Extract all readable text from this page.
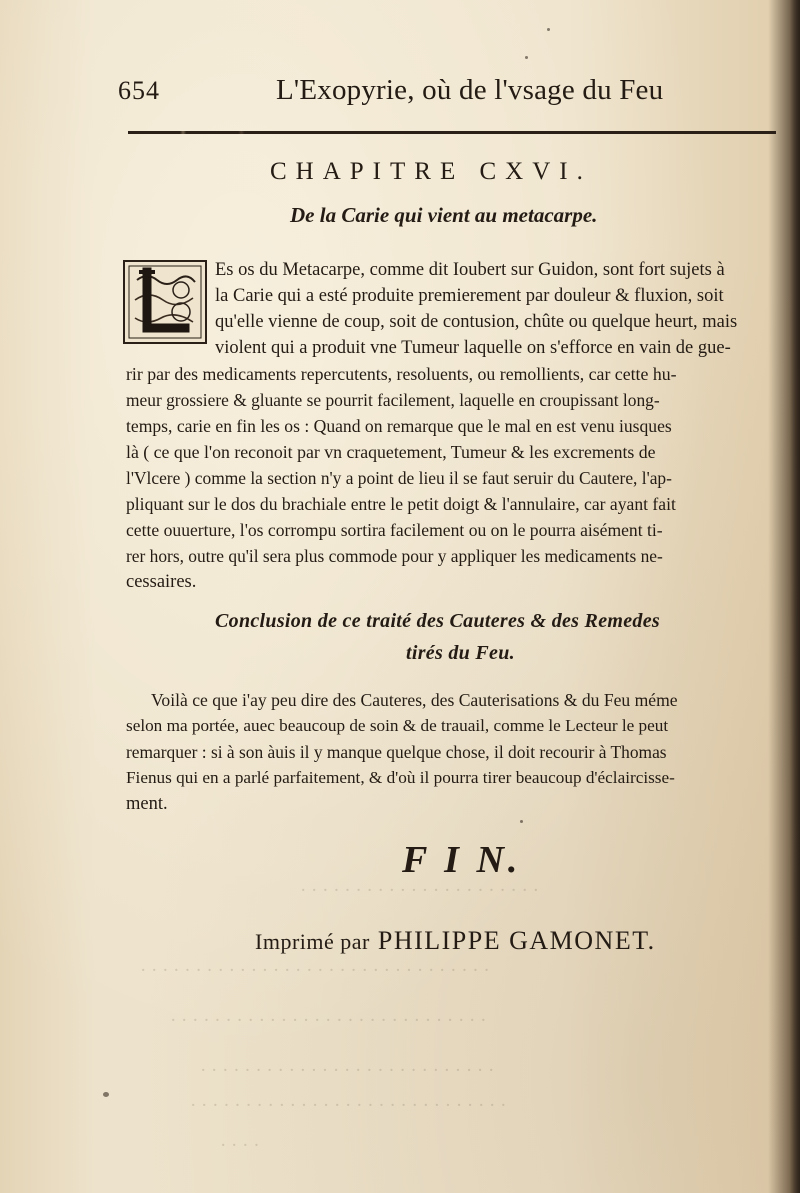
· · · · · · · · · · · · · · · · · · · · · ·
· · · · · · · · · · · · · · · · · · · · · · · · · · · · · · · ·
· · · · · · · · · · · · · · · · · · · · · · · · · · · · ·
· · · · · · · · · · · · · · · · · · · · · · · · · · ·
· · · · · · · · · · · · · · · · · · · · · · · · · · · · ·
· · · ·
654	L'Exopyrie, où de l'vsage du Feu
CHAPITRE CXVI.
De la Carie qui vient au metacarpe.
Es os du Metacarpe, comme dit Ioubert sur Guidon, sont fort sujets à
la Carie qui a esté produite premierement par douleur & fluxion, soit
qu'elle vienne de coup, soit de contusion, chûte ou quelque heurt, mais
violent qui a produit vne Tumeur laquelle on s'efforce en vain de gue-
rir par des medicaments repercutents, resoluents, ou remollients, car cette hu-
meur grossiere & gluante se pourrit facilement, laquelle en croupissant long-
temps, carie en fin les os : Quand on remarque que le mal en est venu iusques
là ( ce que l'on reconoit par vn craquetement, Tumeur & les excrements de
l'Vlcere ) comme la section n'y a point de lieu il se faut seruir du Cautere, l'ap-
pliquant sur le dos du brachiale entre le petit doigt & l'annulaire, car ayant fait
cette ouuerture, l'os corrompu sortira facilement ou on le pourra aisément ti-
rer hors, outre qu'il sera plus commode pour y appliquer les medicaments ne-
cessaires.
Conclusion de ce traité des Cauteres & des Remedes
tirés du Feu.
Voilà ce que i'ay peu dire des Cauteres, des Cauterisations & du Feu méme
selon ma portée, auec beaucoup de soin & de trauail, comme le Lecteur le peut
remarquer : si à son àuis il y manque quelque chose, il doit recourir à Thomas
Fienus qui en a parlé parfaitement, & d'où il pourra tirer beaucoup d'éclaircisse-
ment.
F I N.
Imprimé par PHILIPPE GAMONET.
